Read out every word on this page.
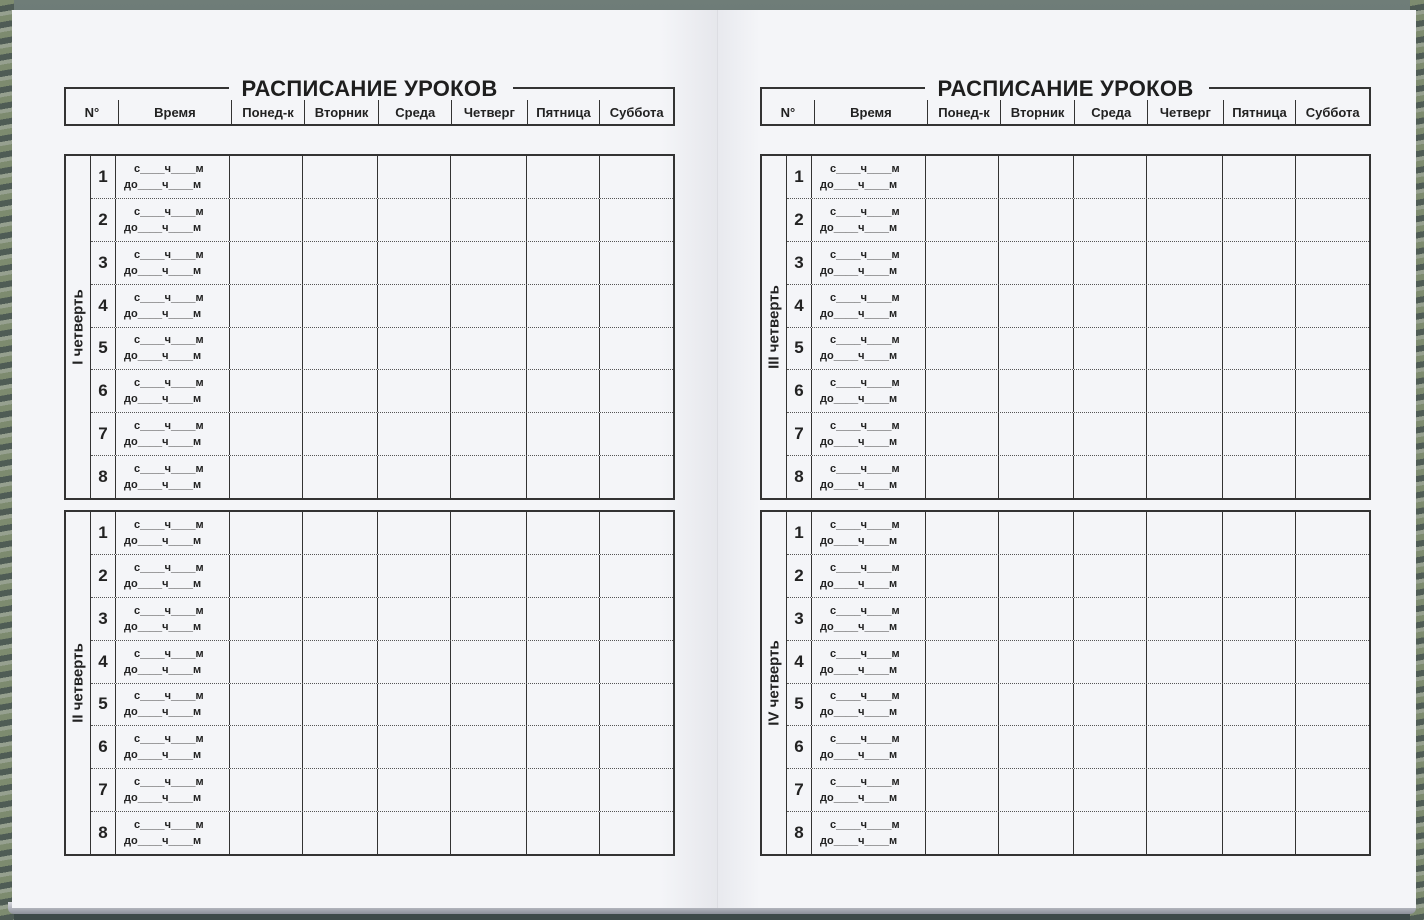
РАСПИСАНИЕ УРОКОВ
N°	Время	Понед-к	Вторник	Среда	Четверг	Пятница	Суббота
I четверть
1	с____ч____м
до____ч____м
2	с____ч____м
до____ч____м
3	с____ч____м
до____ч____м
4	с____ч____м
до____ч____м
5	с____ч____м
до____ч____м
6	с____ч____м
до____ч____м
7	с____ч____м
до____ч____м
8	с____ч____м
до____ч____м
II четверть
1	с____ч____м
до____ч____м
2	с____ч____м
до____ч____м
3	с____ч____м
до____ч____м
4	с____ч____м
до____ч____м
5	с____ч____м
до____ч____м
6	с____ч____м
до____ч____м
7	с____ч____м
до____ч____м
8	с____ч____м
до____ч____м
РАСПИСАНИЕ УРОКОВ
N°	Время	Понед-к	Вторник	Среда	Четверг	Пятница	Суббота
III четверть
1	с____ч____м
до____ч____м
2	с____ч____м
до____ч____м
3	с____ч____м
до____ч____м
4	с____ч____м
до____ч____м
5	с____ч____м
до____ч____м
6	с____ч____м
до____ч____м
7	с____ч____м
до____ч____м
8	с____ч____м
до____ч____м
IV четверть
1	с____ч____м
до____ч____м
2	с____ч____м
до____ч____м
3	с____ч____м
до____ч____м
4	с____ч____м
до____ч____м
5	с____ч____м
до____ч____м
6	с____ч____м
до____ч____м
7	с____ч____м
до____ч____м
8	с____ч____м
до____ч____м
